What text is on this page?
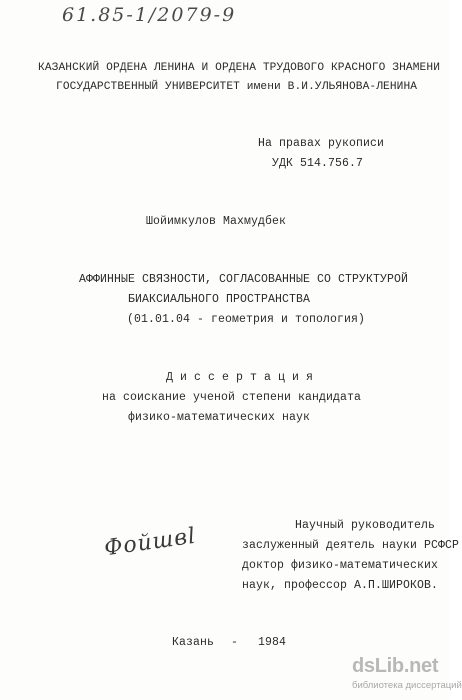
61.85-1/2079-9
КАЗАНСКИЙ ОРДЕНА ЛЕНИНА И ОРДЕНА ТРУДОВОГО КРАСНОГО ЗНАМЕНИ
ГОСУДАРСТВЕННЫЙ УНИВЕРСИТЕТ имени В.И.УЛЬЯНОВА-ЛЕНИНА
На правах рукописи
УДК 514.756.7
Шойимкулов Махмудбек
АФФИННЫЕ СВЯЗНОСТИ, СОГЛАСОВАННЫЕ СО СТРУКТУРОЙ
БИАКСИАЛЬНОГО ПРОСТРАНСТВА
(01.01.04 - геометрия и топология)
Д и с с е р т а ц и я
на соискание ученой степени кандидата
физико-математических наук
Фойшвl	Научный руководитель
заслуженный деятель науки РСФСР
доктор физико-математических
наук, профессор А.П.ШИРОКОВ.
Казань - 1984
dsLib.net
библиотека диссертаций
